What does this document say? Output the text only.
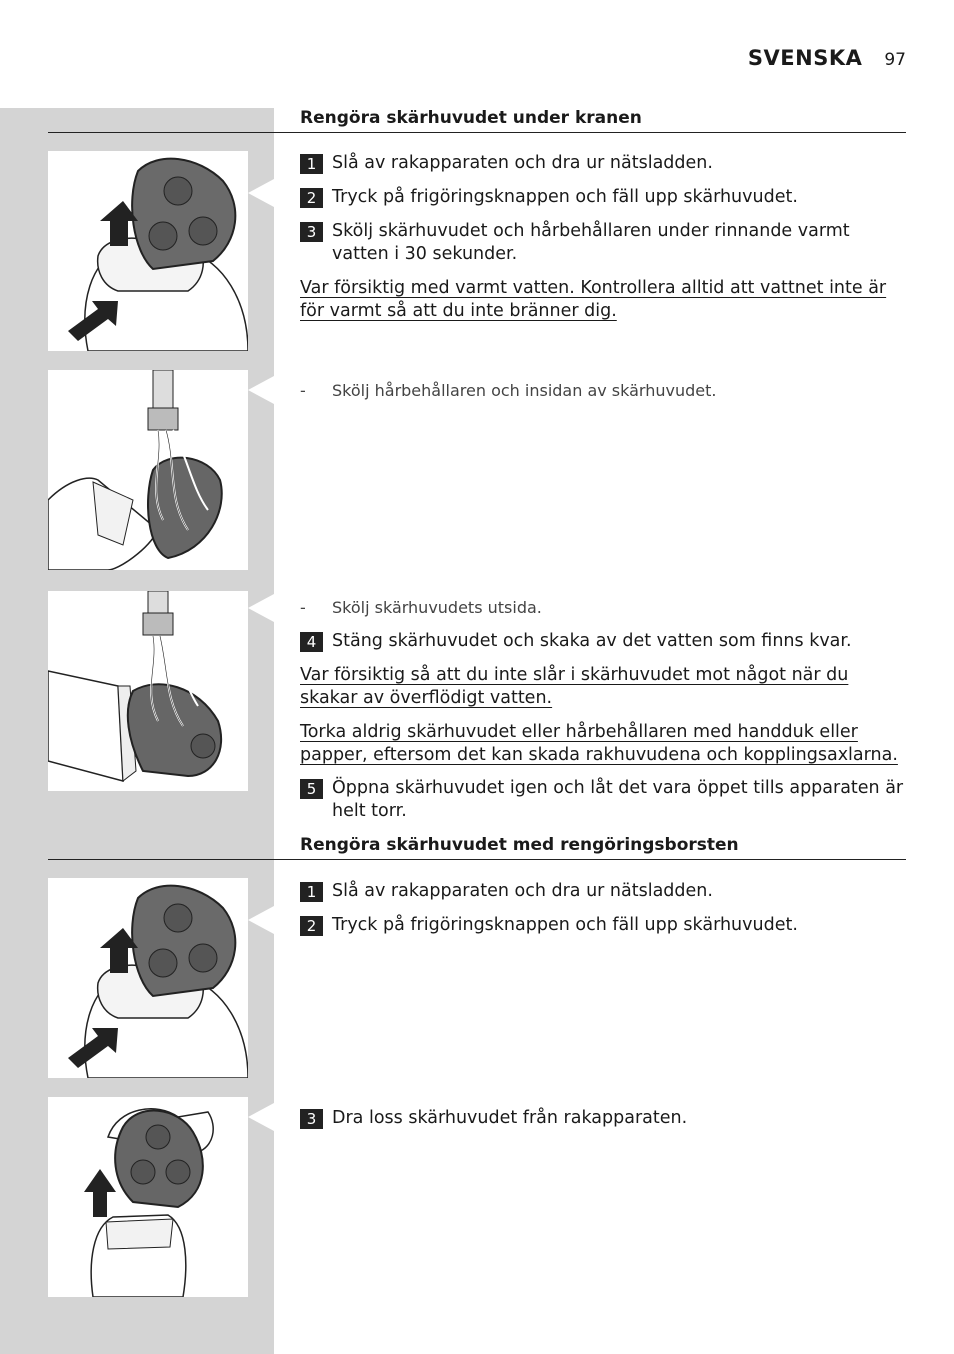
SVENSKA 97
Rengöra skärhuvudet under kranen
1 Slå av rakapparaten och dra ur nätsladden.
2 Tryck på frigöringsknappen och fäll upp skärhuvudet.
3 Skölj skärhuvudet och hårbehållaren under rinnande varmt vatten i 30 sekunder.
Var försiktig med varmt vatten. Kontrollera alltid att vattnet inte är för varmt så att du inte bränner dig.
-	Skölj hårbehållaren och insidan av skärhuvudet.
-	Skölj skärhuvudets utsida.
4 Stäng skärhuvudet och skaka av det vatten som finns kvar.
Var försiktig så att du inte slår i skärhuvudet mot något när du skakar av överflödigt vatten.
Torka aldrig skärhuvudet eller hårbehållaren med handduk eller papper, eftersom det kan skada rakhuvudena och kopplingsaxlarna.
5 Öppna skärhuvudet igen och låt det vara öppet tills apparaten är helt torr.
Rengöra skärhuvudet med rengöringsborsten
1 Slå av rakapparaten och dra ur nätsladden.
2 Tryck på frigöringsknappen och fäll upp skärhuvudet.
3 Dra loss skärhuvudet från rakapparaten.
